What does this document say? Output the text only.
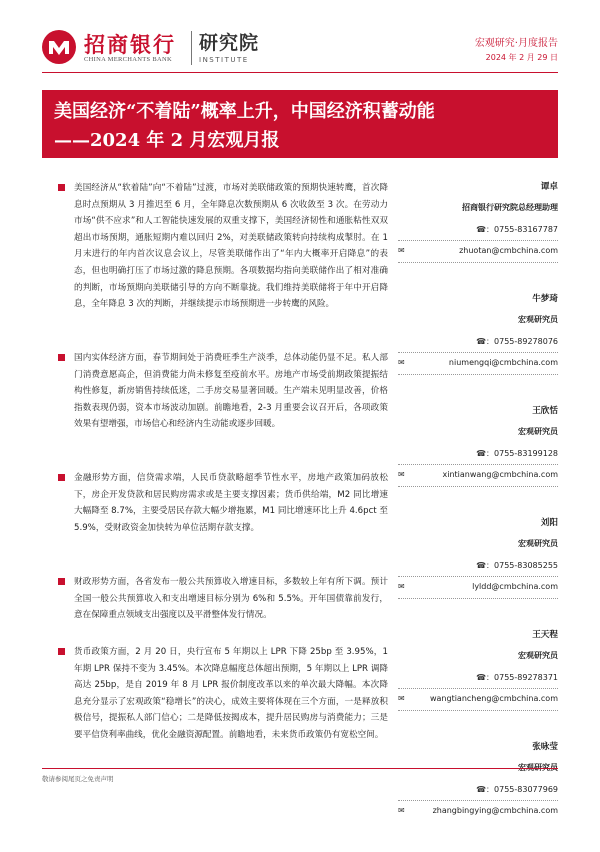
招商银行
CHINA MERCHANTS BANK
研究院
INSTITUTE
宏观研究·月度报告
2024 年 2 月 29 日
美国经济“不着陆”概率上升，中国经济积蓄动能
——2024 年 2 月宏观月报

美国经济从“软着陆”向“不着陆”过渡，市场对美联储政策的预期快速转鹰，首次降息时点预期从 3 月推迟至 6 月，全年降息次数预期从 6 次收敛至 3 次。在劳动力市场“供不应求”和人工智能快速发展的双重支撑下，美国经济韧性和通胀粘性双双超出市场预期，通胀短期内难以回归 2%，对美联储政策转向持续构成掣肘。在 1 月末进行的年内首次议息会议上，尽管美联储作出了“年内大概率开启降息”的表态，但也明确打压了市场过激的降息预期。各项数据均指向美联储作出了相对准确的判断，市场预期向美联储引导的方向不断靠拢。我们维持美联储将于年中开启降息，全年降息 3 次的判断，并继续提示市场预期进一步转鹰的风险。

国内实体经济方面，春节期间处于消费旺季生产淡季，总体动能仍显不足。私人部门消费意愿高企，但消费能力尚未修复至疫前水平。房地产市场受前期政策提振结构性修复，新房销售持续低迷，二手房交易显著回暖。生产端未见明显改善，价格指数表现仍弱，资本市场波动加剧。前瞻地看，2-3 月重要会议召开后，各项政策效果有望增强，市场信心和经济内生动能或逐步回暖。

金融形势方面，信贷需求端，人民币贷款略超季节性水平，房地产政策加码放松下，房企开发贷款和居民购房需求或是主要支撑因素；货币供给端，M2 同比增速大幅降至 8.7%，主要受居民存款大幅少增拖累，M1 同比增速环比上升 4.6pct 至 5.9%，受财政资金加快转为单位活期存款支撑。

财政形势方面，各省发布一般公共预算收入增速目标，多数较上年有所下调。预计全国一般公共预算收入和支出增速目标分别为 6%和 5.5%。开年国债靠前发行，意在保障重点领域支出强度以及平滑整体发行情况。

货币政策方面，2 月 20 日，央行宣布 5 年期以上 LPR 下降 25bp 至 3.95%，1 年期 LPR 保持不变为 3.45%。本次降息幅度总体超出预期，5 年期以上 LPR 调降高达 25bp，是自 2019 年 8 月 LPR 报价制度改革以来的单次最大降幅。本次降息充分显示了宏观政策“稳增长”的决心，成效主要将体现在三个方面，一是释放积极信号，提振私人部门信心；二是降低按揭成本，提升居民购房与消费能力；三是要平信贷利率曲线，优化金融资源配置。前瞻地看，未来货币政策仍有宽松空间。

谭卓
招商银行研究院总经理助理
☎：0755-83167787
✉	zhuotan@cmbchina.com
牛梦琦
宏观研究员
☎：0755-89278076
✉	niumengqi@cmbchina.com
王欣恬
宏观研究员
☎：0755-83199128
✉	xintianwang@cmbchina.com
刘阳
宏观研究员
☎：0755-83085255
✉	lyldd@cmbchina.com
王天程
宏观研究员
☎：0755-89278371
✉	wangtiancheng@cmbchina.com
张咏莹
☎：0755-83077969
✉	zhangbingying@cmbchina.com
敬请参阅尾页之免责声明
